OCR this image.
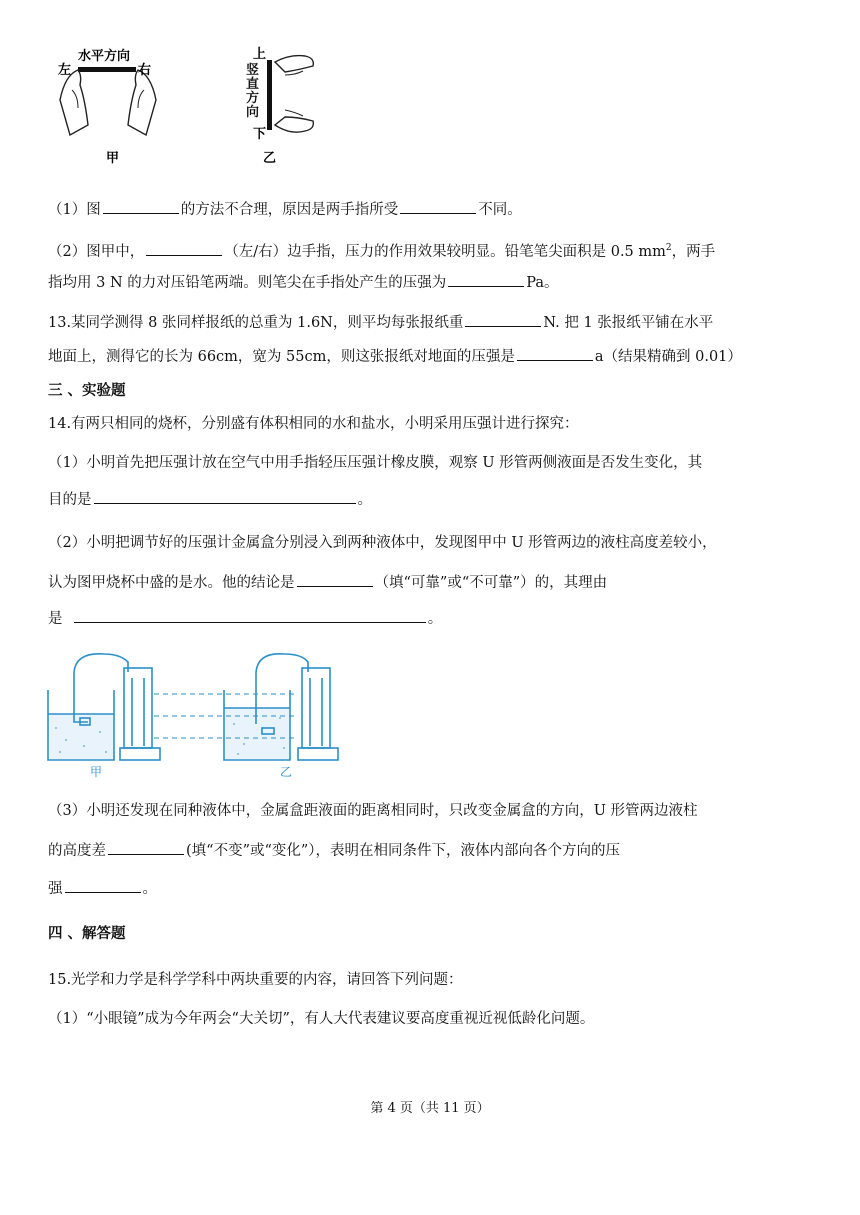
水平方向
左	右
甲
上
下
乙
竖直方向
（1）图	的方法不合理，原因是两手指所受	不同。
（2）图甲中，	（左/右）边手指，压力的作用效果较明显。铅笔笔尖面积是 0.5 $mm^2$，两手
指均用 3 N 的力对压铅笔两端。则笔尖在手指处产生的压强为	Pa。
13.某同学测得 8 张同样报纸的总重为 1.6N，则平均每张报纸重	N. 把 1 张报纸平铺在水平
地面上，测得它的长为 66cm，宽为 55cm，则这张报纸对地面的压强是	a（结果精确到 0.01）
三 、实验题
14.有两只相同的烧杯，分别盛有体积相同的水和盐水，小明采用压强计进行探究：
（1）小明首先把压强计放在空气中用手指轻压压强计橡皮膜，观察 U 形管两侧液面是否发生变化，其
目的是	。
（2）小明把调节好的压强计金属盒分别浸入到两种液体中，发现图甲中 U 形管两边的液柱高度差较小，
认为图甲烧杯中盛的是水。他的结论是	（填“可靠”或“不可靠”）的，其理由
是	。
甲	乙
（3）小明还发现在同种液体中，金属盒距液面的距离相同时，只改变金属盒的方向，U 形管两边液柱
的高度差	(填“不变”或“变化”），表明在相同条件下，液体内部向各个方向的压
强	。
四 、解答题
15.光学和力学是科学学科中两块重要的内容，请回答下列问题：
（1）“小眼镜”成为今年两会“大关切”，有人大代表建议要高度重视近视低龄化问题。
第 4 页（共 11 页）
